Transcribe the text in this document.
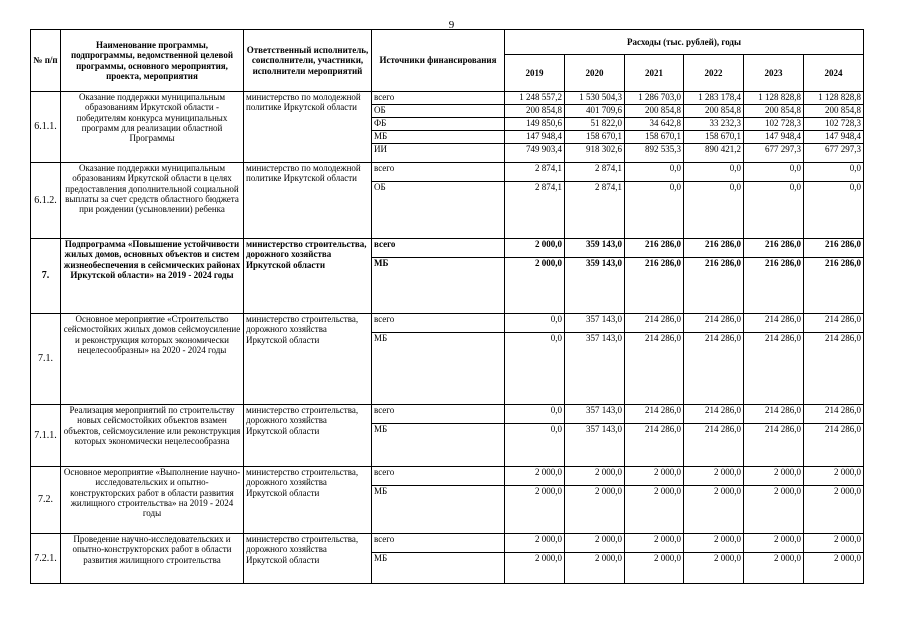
9
№ п/п	Наименование программы, подпрограммы, ведомственной целевой программы, основного мероприятия, проекта, мероприятия	Ответственный исполнитель, соисполнители, участники, исполнители мероприятий	Источники финансирования	Расходы (тыс. рублей), годы					
				2019	2020	2021	2022	2023	2024
6.1.1.	Оказание поддержки муниципальным образованиям Иркутской области - победителям конкурса муниципальных программ для реализации областной Программы	министерство по молодежной политике Иркутской области	всего	1 248 557,2	1 530 504,3	1 286 703,0	1 283 178,4	1 128 828,8	1 128 828,8
			ОБ	200 854,8	401 709,6	200 854,8	200 854,8	200 854,8	200 854,8
			ФБ	149 850,6	51 822,0	34 642,8	33 232,3	102 728,3	102 728,3
			МБ	147 948,4	158 670,1	158 670,1	158 670,1	147 948,4	147 948,4
			ИИ	749 903,4	918 302,6	892 535,3	890 421,2	677 297,3	677 297,3
6.1.2.	Оказание поддержки муниципальным образованиям Иркутской области в целях предоставления дополнительной социальной выплаты за счет средств областного бюджета при рождении (усыновлении) ребенка	министерство по молодежной политике Иркутской области	всего	2 874,1	2 874,1	0,0	0,0	0,0	0,0
			ОБ	2 874,1	2 874,1	0,0	0,0	0,0	0,0
7.	Подпрограмма «Повышение устойчивости жилых домов, основных объектов и систем жизнеобеспечения в сейсмических районах Иркутской области» на 2019 - 2024 годы	министерство строительства, дорожного хозяйства Иркутской области	всего	2 000,0	359 143,0	216 286,0	216 286,0	216 286,0	216 286,0
			МБ	2 000,0	359 143,0	216 286,0	216 286,0	216 286,0	216 286,0
7.1.	Основное мероприятие «Строительство сейсмостойких жилых домов сейсмоусиление и реконструкция которых экономически нецелесообразны» на 2020 - 2024 годы	министерство строительства, дорожного хозяйства Иркутской области	всего	0,0	357 143,0	214 286,0	214 286,0	214 286,0	214 286,0
			МБ	0,0	357 143,0	214 286,0	214 286,0	214 286,0	214 286,0
7.1.1.	Реализация мероприятий по строительству новых сейсмостойких объектов взамен объектов, сейсмоусиление или реконструкция которых экономически нецелесообразна	министерство строительства, дорожного хозяйства Иркутской области	всего	0,0	357 143,0	214 286,0	214 286,0	214 286,0	214 286,0
			МБ	0,0	357 143,0	214 286,0	214 286,0	214 286,0	214 286,0
7.2.	Основное мероприятие «Выполнение научно-исследовательских и опытно-конструкторских работ в области развития жилищного строительства» на 2019 - 2024 годы	министерство строительства, дорожного хозяйства Иркутской области	всего	2 000,0	2 000,0	2 000,0	2 000,0	2 000,0	2 000,0
			МБ	2 000,0	2 000,0	2 000,0	2 000,0	2 000,0	2 000,0
7.2.1.	Проведение научно-исследовательских и опытно-конструкторских работ в области развития жилищного строительства	министерство строительства, дорожного хозяйства Иркутской области	всего	2 000,0	2 000,0	2 000,0	2 000,0	2 000,0	2 000,0
			МБ	2 000,0	2 000,0	2 000,0	2 000,0	2 000,0	2 000,0
